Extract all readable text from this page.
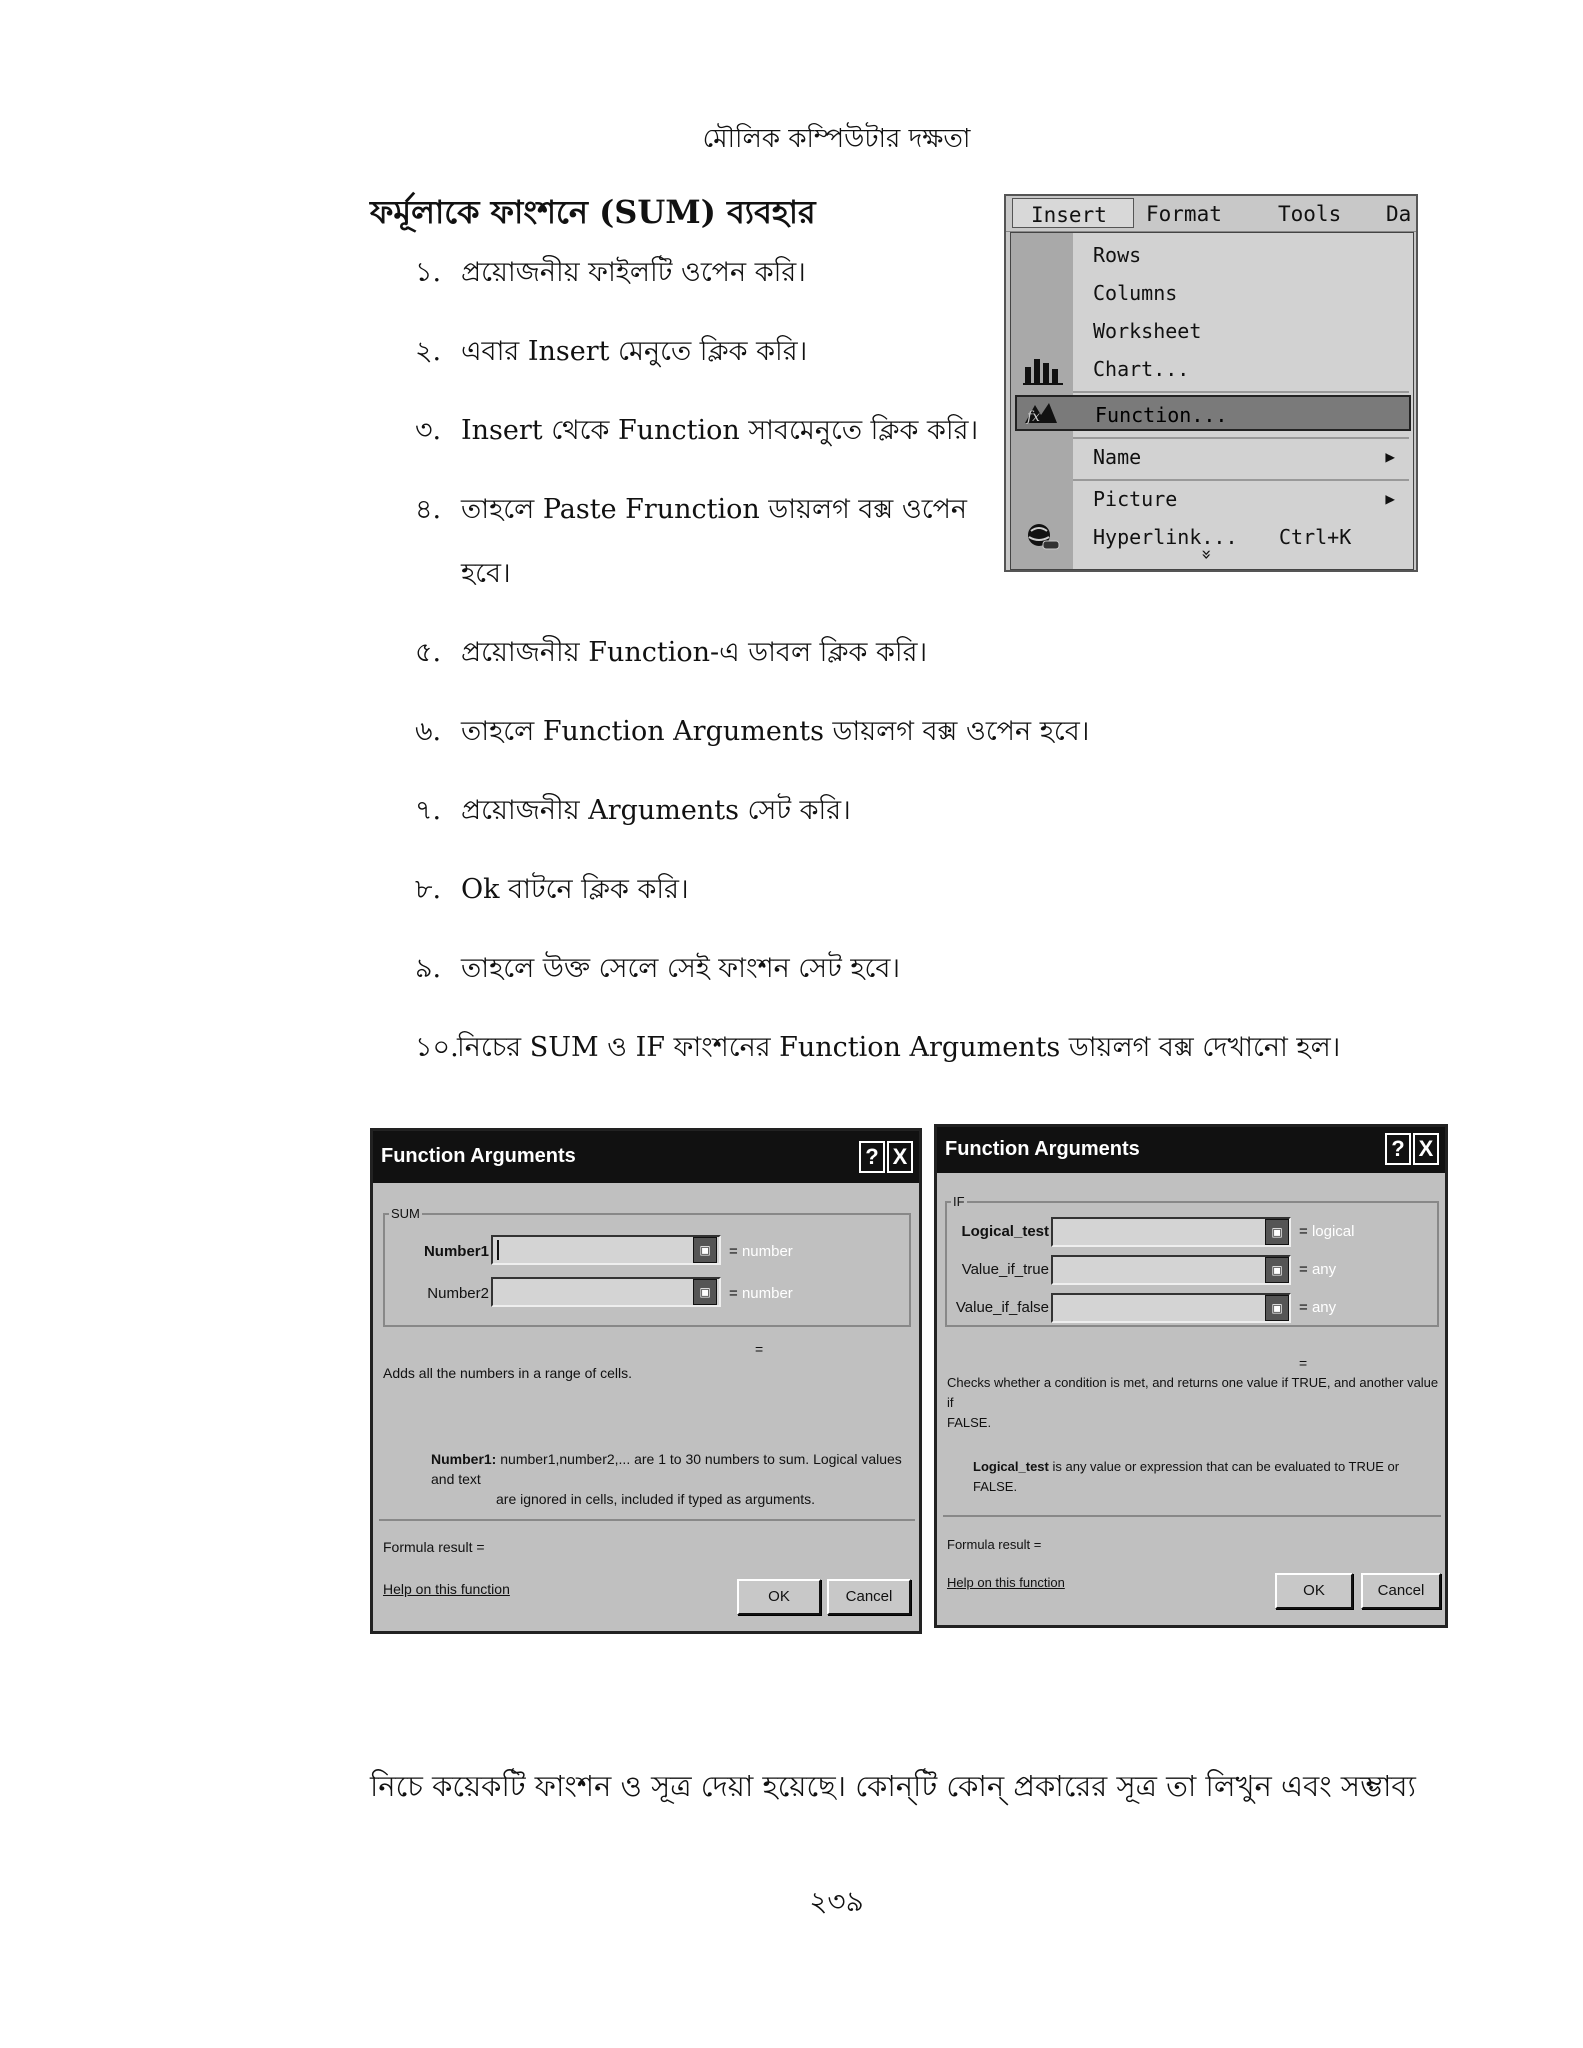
মৌলিক কম্পিউটার দক্ষতা
ফর্মূলাকে ফাংশনে (SUM) ব্যবহার
১. প্রয়োজনীয় ফাইলটি ওপেন করি।
২. এবার Insert মেনুতে ক্লিক করি।
৩. Insert থেকে Function সাবমেনুতে ক্লিক করি।
৪. তাহলে Paste Frunction ডায়লগ বক্স ওপেন
হবে।
৫. প্রয়োজনীয় Function-এ ডাবল ক্লিক করি।
৬. তাহলে Function Arguments ডায়লগ বক্স ওপেন হবে।
৭. প্রয়োজনীয় Arguments সেট করি।
৮. Ok বাটনে ক্লিক করি।
৯. তাহলে উক্ত সেলে সেই ফাংশন সেট হবে।
১০.নিচের SUM ও IF ফাংশনের Function Arguments ডায়লগ বক্স দেখানো হল।
Insert	Format	Tools Da
Rows
Columns
Worksheet
Chart...
Function...
fx
Name	▶
Picture	▶
Hyperlink... Ctrl+K
»
Function Arguments	? X
SUM
Number1	▣	= number
Number2	▣	= number
=
Adds all the numbers in a range of cells.
Number1: number1,number2,... are 1 to 30 numbers to sum. Logical values and text
are ignored in cells, included if typed as arguments.
Formula result =
Help on this function	OK	Cancel
Function Arguments	? X
IF
Logical_test	▣	= logical
Value_if_true	▣	= any
Value_if_false	▣	= any
=
Checks whether a condition is met, and returns one value if TRUE, and another value if
FALSE.
Logical_test is any value or expression that can be evaluated to TRUE or FALSE.
Formula result =
Help on this function	OK	Cancel
নিচে কয়েকটি ফাংশন ও সূত্র দেয়া হয়েছে। কোন্‌টি কোন্‌ প্রকারের সূত্র তা লিখুন এবং সম্ভাব্য
২৩৯
